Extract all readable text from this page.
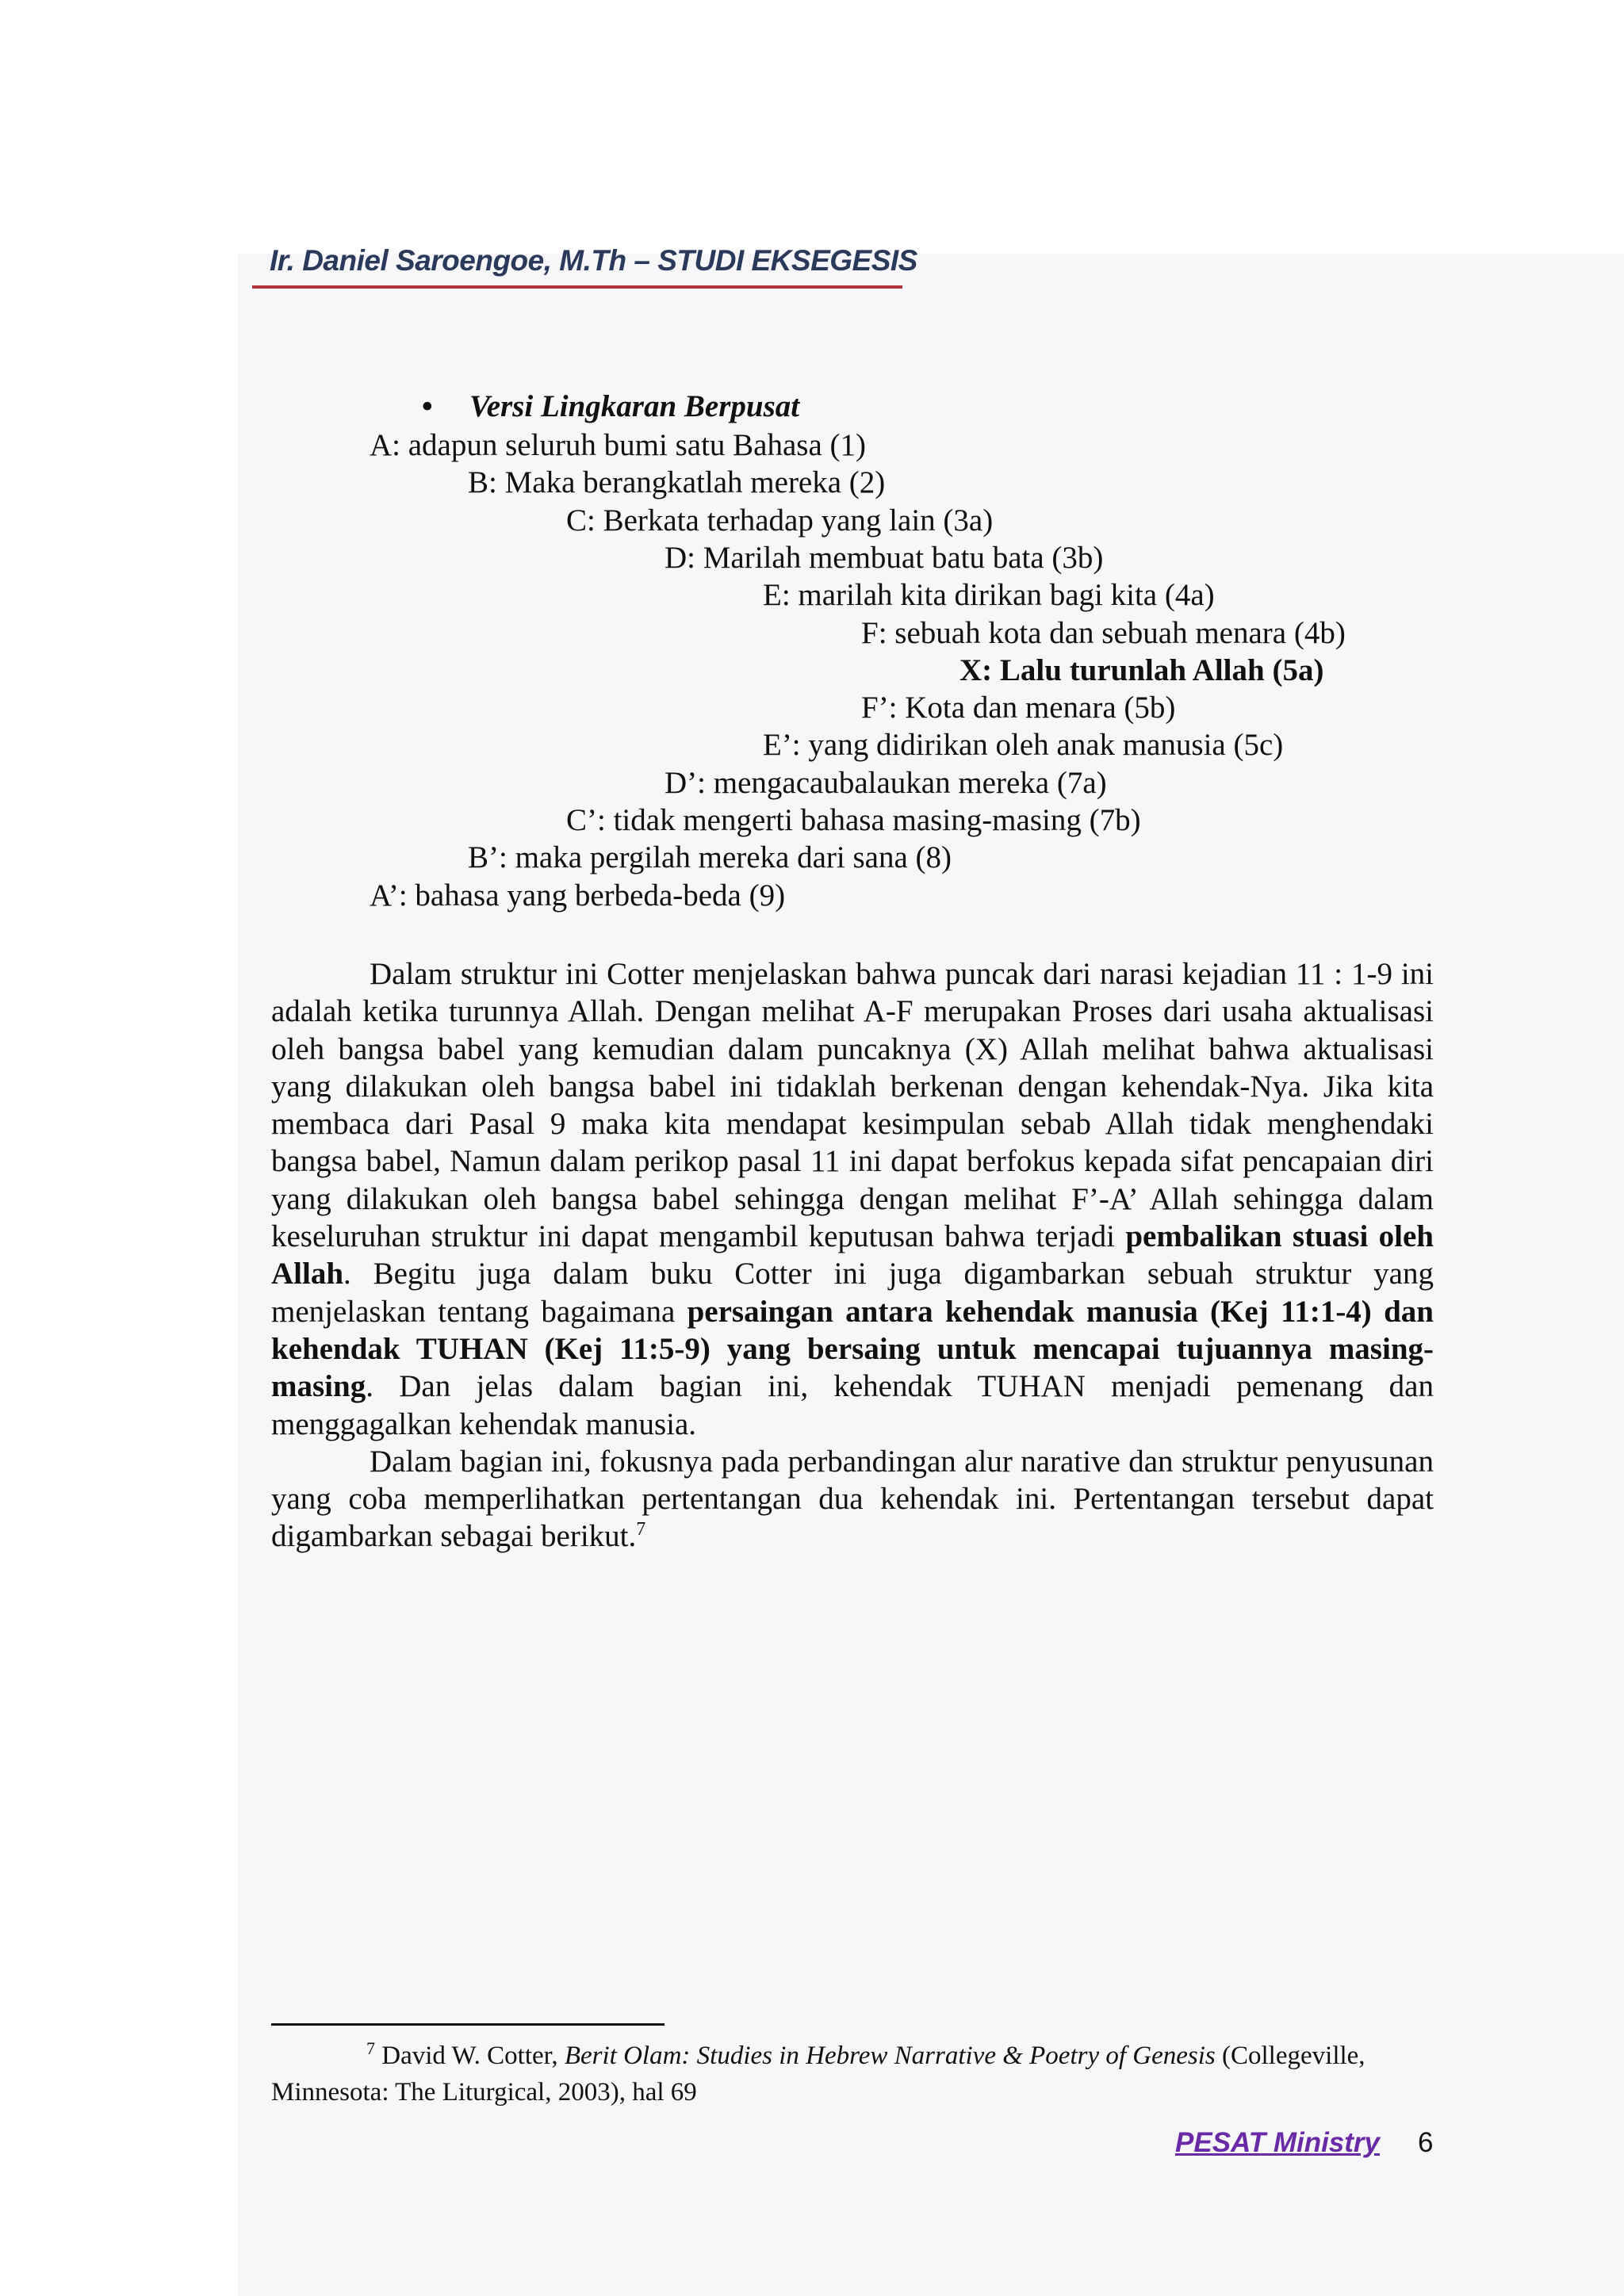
Ir. Daniel Saroengoe, M.Th – STUDI EKSEGESIS
• Versi Lingkaran Berpusat
A: adapun seluruh bumi satu Bahasa (1)
B: Maka berangkatlah mereka (2)
C: Berkata terhadap yang lain (3a)
D: Marilah membuat batu bata (3b)
E: marilah kita dirikan bagi kita (4a)
F: sebuah kota dan sebuah menara (4b)
X: Lalu turunlah Allah (5a)
F’: Kota dan menara (5b)
E’: yang didirikan oleh anak manusia (5c)
D’: mengacaubalaukan mereka (7a)
C’: tidak mengerti bahasa masing-masing (7b)
B’: maka pergilah mereka dari sana (8)
A’: bahasa yang berbeda-beda (9)

Dalam struktur ini Cotter menjelaskan bahwa puncak dari narasi kejadian 11 : 1-9 ini adalah ketika turunnya Allah. Dengan melihat A-F merupakan Proses dari usaha aktualisasi oleh bangsa babel yang kemudian dalam puncaknya (X) Allah melihat bahwa aktualisasi yang dilakukan oleh bangsa babel ini tidaklah berkenan dengan kehendak-Nya. Jika kita membaca dari Pasal 9 maka kita mendapat kesimpulan sebab Allah tidak menghendaki bangsa babel, Namun dalam perikop pasal 11 ini dapat berfokus kepada sifat pencapaian diri yang dilakukan oleh bangsa babel sehingga dengan melihat F’-A’ Allah sehingga dalam keseluruhan struktur ini dapat mengambil keputusan bahwa terjadi pembalikan stuasi oleh Allah. Begitu juga dalam buku Cotter ini juga digambarkan sebuah struktur yang menjelaskan tentang bagaimana persaingan antara kehendak manusia (Kej 11:1-4) dan kehendak TUHAN (Kej 11:5-9) yang bersaing untuk mencapai tujuannya masing-masing. Dan jelas dalam bagian ini, kehendak TUHAN menjadi pemenang dan menggagalkan kehendak manusia.

Dalam bagian ini, fokusnya pada perbandingan alur narative dan struktur penyusunan yang coba memperlihatkan pertentangan dua kehendak ini. Pertentangan tersebut dapat digambarkan sebagai berikut.$^7$

$^7$ David W. Cotter, Berit Olam: Studies in Hebrew Narrative & Poetry of Genesis (Collegeville, Minnesota: The Liturgical, 2003), hal 69
PESAT Ministry 6
